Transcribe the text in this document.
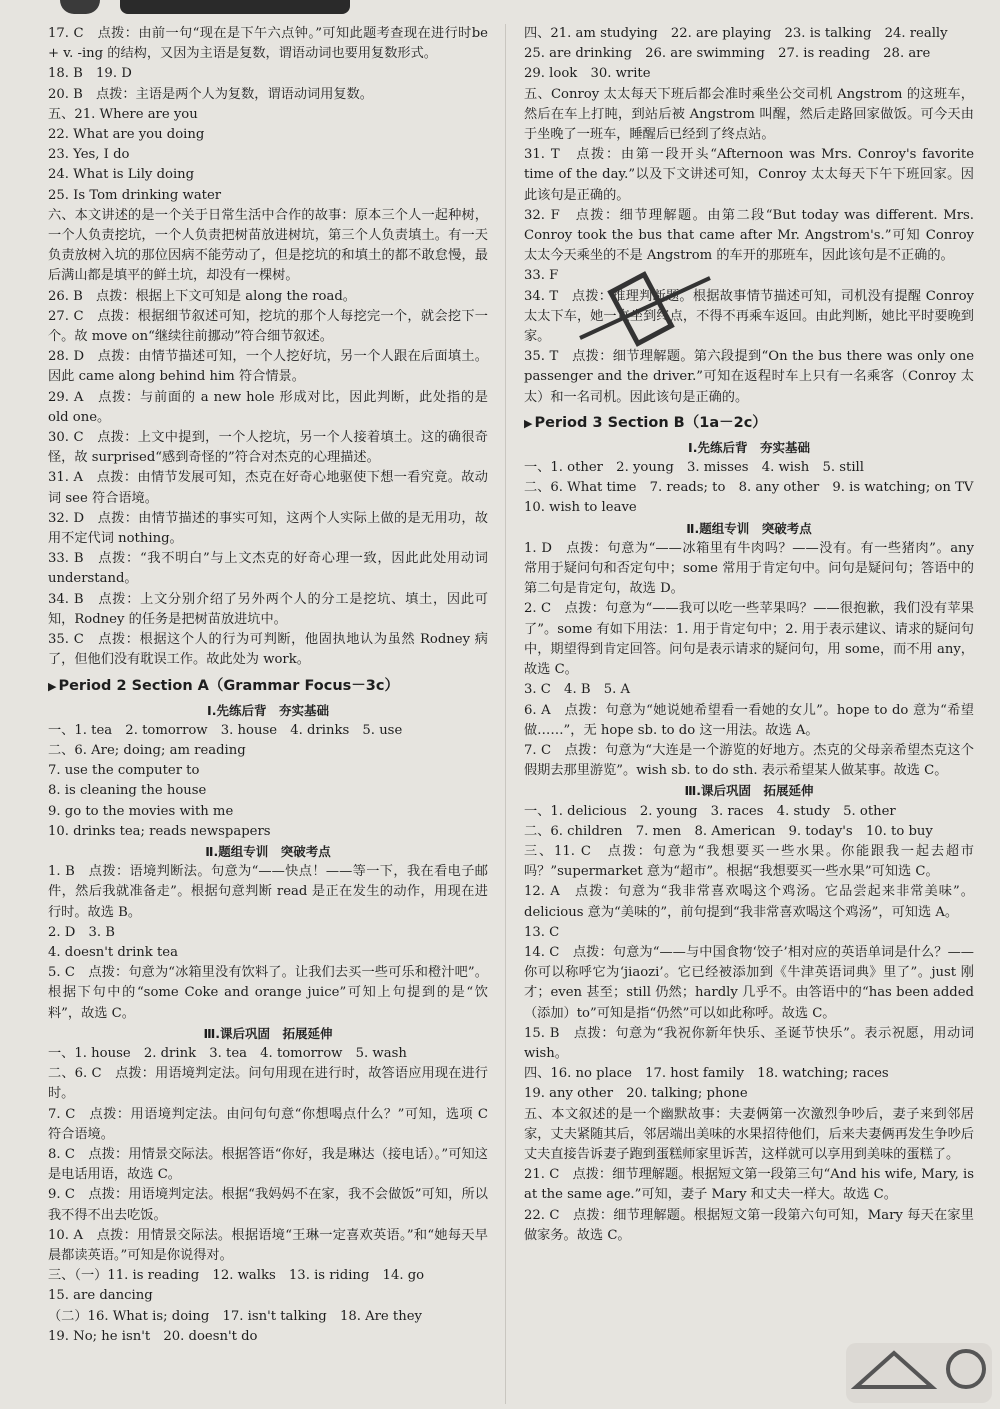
17. C　点拨：由前一句“现在是下午六点钟。”可知此题考查现在进行时be + v. -ing 的结构，又因为主语是复数，谓语动词也要用复数形式。
18. B　19. D
20. B　点拨：主语是两个人为复数，谓语动词用复数。
五、21. Where are you
22. What are you doing
23. Yes, I do
24. What is Lily doing
25. Is Tom drinking water
六、本文讲述的是一个关于日常生活中合作的故事：原本三个人一起种树，一个人负责挖坑，一个人负责把树苗放进树坑，第三个人负责填土。有一天负责放树入坑的那位因病不能劳动了，但是挖坑的和填土的都不敢怠慢，最后满山都是填平的鲜土坑，却没有一棵树。
26. B　点拨：根据上下文可知是 along the road。
27. C　点拨：根据细节叙述可知，挖坑的那个人每挖完一个，就会挖下一个。故 move on“继续往前挪动”符合细节叙述。
28. D　点拨：由情节描述可知，一个人挖好坑，另一个人跟在后面填土。因此 came along behind him 符合情景。
29. A　点拨：与前面的 a new hole 形成对比，因此判断，此处指的是 old one。
30. C　点拨：上文中提到，一个人挖坑，另一个人接着填土。这的确很奇怪，故 surprised“感到奇怪的”符合对杰克的心理描述。
31. A　点拨：由情节发展可知，杰克在好奇心地驱使下想一看究竟。故动词 see 符合语境。
32. D　点拨：由情节描述的事实可知，这两个人实际上做的是无用功，故用不定代词 nothing。
33. B　点拨：“我不明白”与上文杰克的好奇心理一致，因此此处用动词 understand。
34. B　点拨：上文分别介绍了另外两个人的分工是挖坑、填土，因此可知，Rodney 的任务是把树苗放进坑中。
35. C　点拨：根据这个人的行为可判断，他固执地认为虽然 Rodney 病了，但他们没有耽误工作。故此处为 work。
▶ Period 2 Section A（Grammar Focus－3c）
Ⅰ.先练后背　夯实基础
一、1. tea　2. tomorrow　3. house　4. drinks　5. use
二、6. Are; doing; am reading
7. use the computer to
8. is cleaning the house
9. go to the movies with me
10. drinks tea; reads newspapers
Ⅱ.题组专训　突破考点
1. B　点拨：语境判断法。句意为“——快点！——等一下，我在看电子邮件，然后我就准备走”。根据句意判断 read 是正在发生的动作，用现在进行时。故选 B。
2. D　3. B
4. doesn't drink tea
5. C　点拨：句意为“冰箱里没有饮料了。让我们去买一些可乐和橙汁吧”。根据下句中的“some Coke and orange juice”可知上句提到的是“饮料”，故选 C。
Ⅲ.课后巩固　拓展延伸
一、1. house　2. drink　3. tea　4. tomorrow　5. wash
二、6. C　点拨：用语境判定法。问句用现在进行时，故答语应用现在进行时。
7. C　点拨：用语境判定法。由问句句意“你想喝点什么？”可知，选项 C 符合语境。
8. C　点拨：用情景交际法。根据答语“你好，我是琳达（接电话）。”可知这是电话用语，故选 C。
9. C　点拨：用语境判定法。根据“我妈妈不在家，我不会做饭”可知，所以我不得不出去吃饭。
10. A　点拨：用情景交际法。根据语境“王琳一定喜欢英语。”和“她每天早晨都读英语。”可知是你说得对。
三、（一）11. is reading　12. walks　13. is riding　14. go
15. are dancing
（二）16. What is; doing　17. isn't talking　18. Are they
19. No; he isn't　20. doesn't do
四、21. am studying　22. are playing　23. is talking　24. really
25. are drinking　26. are swimming　27. is reading　28. are
29. look　30. write
五、Conroy 太太每天下班后都会准时乘坐公交司机 Angstrom 的这班车，然后在车上打盹，到站后被 Angstrom 叫醒，然后走路回家做饭。可今天由于坐晚了一班车，睡醒后已经到了终点站。
31. T　点拨：由第一段开头“Afternoon was Mrs. Conroy's favorite time of the day.”以及下文讲述可知，Conroy 太太每天下午下班回家。因此该句是正确的。
32. F　点拨：细节理解题。由第二段“But today was different. Mrs. Conroy took the bus that came after Mr. Angstrom's.”可知 Conroy 太太今天乘坐的不是 Angstrom 的车开的那班车，因此该句是不正确的。
33. F
34. T　点拨：推理判断题。根据故事情节描述可知，司机没有提醒 Conroy 太太下车，她一直坐到终点，不得不再乘车返回。由此判断，她比平时要晚到家。
35. T　点拨：细节理解题。第六段提到“On the bus there was only one passenger and the driver.”可知在返程时车上只有一名乘客（Conroy 太太）和一名司机。因此该句是正确的。
▶ Period 3 Section B（1a－2c）
Ⅰ.先练后背　夯实基础
一、1. other　2. young　3. misses　4. wish　5. still
二、6. What time　7. reads; to　8. any other　9. is watching; on TV
10. wish to leave
Ⅱ.题组专训　突破考点
1. D　点拨：句意为“——冰箱里有牛肉吗？——没有。有一些猪肉”。any 常用于疑问句和否定句中；some 常用于肯定句中。问句是疑问句；答语中的第二句是肯定句，故选 D。
2. C　点拨：句意为“——我可以吃一些苹果吗？——很抱歉，我们没有苹果了”。some 有如下用法：1. 用于肯定句中；2. 用于表示建议、请求的疑问句中，期望得到肯定回答。问句是表示请求的疑问句，用 some，而不用 any，故选 C。
3. C　4. B　5. A
6. A　点拨：句意为“她说她希望看一看她的女儿”。hope to do 意为“希望做……”，无 hope sb. to do 这一用法。故选 A。
7. C　点拨：句意为“大连是一个游览的好地方。杰克的父母亲希望杰克这个假期去那里游览”。wish sb. to do sth. 表示希望某人做某事。故选 C。
Ⅲ.课后巩固　拓展延伸
一、1. delicious　2. young　3. races　4. study　5. other
二、6. children　7. men　8. American　9. today's　10. to buy
三、11. C　点拨：句意为“我想要买一些水果。你能跟我一起去超市吗？”supermarket 意为“超市”。根据“我想要买一些水果”可知选 C。
12. A　点拨：句意为“我非常喜欢喝这个鸡汤。它品尝起来非常美味”。delicious 意为“美味的”，前句提到“我非常喜欢喝这个鸡汤”，可知选 A。
13. C
14. C　点拨：句意为“——与中国食物‘饺子’相对应的英语单词是什么？——你可以称呼它为‘jiaozi’。它已经被添加到《牛津英语词典》里了”。just 刚才；even 甚至；still 仍然；hardly 几乎不。由答语中的“has been added（添加）to”可知是指“仍然”可以如此称呼。故选 C。
15. B　点拨：句意为“我祝你新年快乐、圣诞节快乐”。表示祝愿，用动词 wish。
四、16. no place　17. host family　18. watching; races
19. any other　20. talking; phone
五、本文叙述的是一个幽默故事：夫妻俩第一次激烈争吵后，妻子来到邻居家，丈夫紧随其后，邻居端出美味的水果招待他们，后来夫妻俩再发生争吵后丈夫直接告诉妻子跑到蛋糕师家里诉苦，这样就可以享用到美味的蛋糕了。
21. C　点拨：细节理解题。根据短文第一段第三句“And his wife, Mary, is at the same age.”可知，妻子 Mary 和丈夫一样大。故选 C。
22. C　点拨：细节理解题。根据短文第一段第六句可知，Mary 每天在家里做家务。故选 C。
